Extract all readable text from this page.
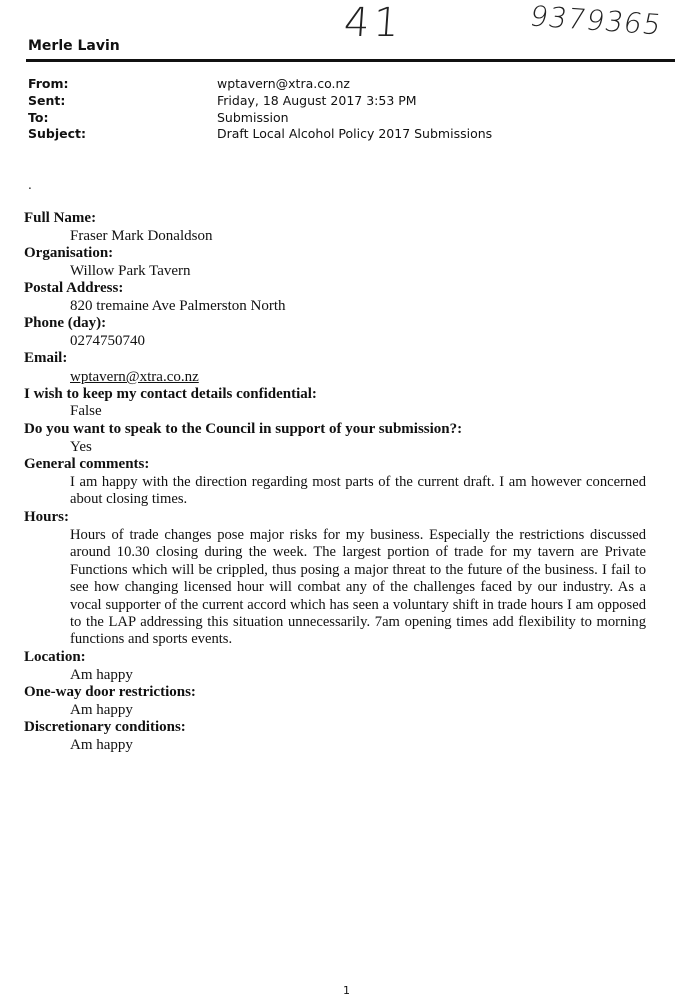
41	9379365
Merle Lavin
From:	wptavern@xtra.co.nz
Sent:	Friday, 18 August 2017 3:53 PM
To:	Submission
Subject:	Draft Local Alcohol Policy 2017 Submissions
.
Full Name:
Fraser Mark Donaldson
Organisation:
Willow Park Tavern
Postal Address:
820 tremaine Ave Palmerston North
Phone (day):
0274750740
Email:
wptavern@xtra.co.nz
I wish to keep my contact details confidential:
False
Do you want to speak to the Council in support of your submission?:
Yes
General comments:
I am happy with the direction regarding most parts of the current draft. I am however concerned about closing times.
Hours:
Hours of trade changes pose major risks for my business. Especially the restrictions discussed around 10.30 closing during the week. The largest portion of trade for my tavern are Private Functions which will be crippled, thus posing a major threat to the future of the business. I fail to see how changing licensed hour will combat any of the challenges faced by our industry. As a vocal supporter of the current accord which has seen a voluntary shift in trade hours I am opposed to the LAP addressing this situation unnecessarily. 7am opening times add flexibility to morning functions and sports events.
Location:
Am happy
One-way door restrictions:
Am happy
Discretionary conditions:
Am happy
1
